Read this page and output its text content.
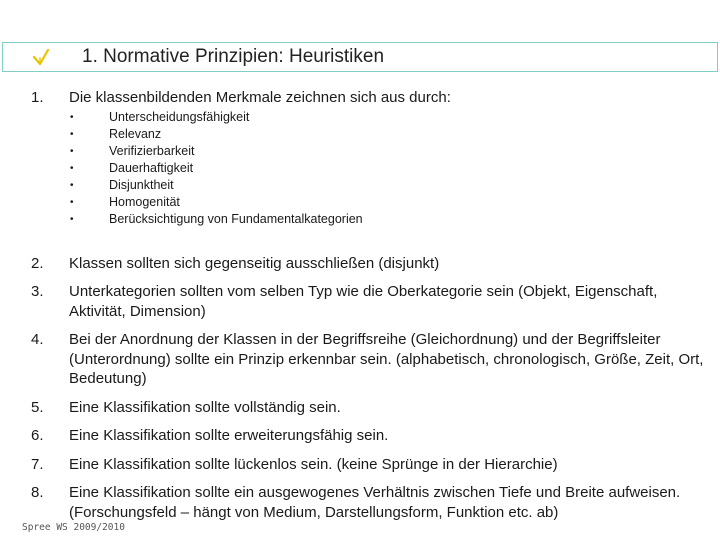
1. Normative Prinzipien: Heuristiken
1. Die klassenbildenden Merkmale zeichnen sich aus durch:
•	Unterscheidungsfähigkeit
•	Relevanz
•	Verifizierbarkeit
•	Dauerhaftigkeit
•	Disjunktheit
•	Homogenität
•	Berücksichtigung von Fundamentalkategorien
2. Klassen sollten sich gegenseitig ausschließen (disjunkt)
3. Unterkategorien sollten vom selben Typ wie die Oberkategorie sein (Objekt, Eigenschaft, Aktivität, Dimension)
4. Bei der Anordnung der Klassen in der Begriffsreihe (Gleichordnung) und der Begriffsleiter (Unterordnung) sollte ein Prinzip erkennbar sein. (alphabetisch, chronologisch, Größe, Zeit, Ort, Bedeutung)
5. Eine Klassifikation sollte vollständig sein.
6. Eine Klassifikation sollte erweiterungsfähig sein.
7. Eine Klassifikation sollte lückenlos sein. (keine Sprünge in der Hierarchie)
8. Eine Klassifikation sollte ein ausgewogenes Verhältnis zwischen Tiefe und Breite aufweisen. (Forschungsfeld – hängt von Medium, Darstellungsform, Funktion etc. ab)
Spree WS 2009/2010
